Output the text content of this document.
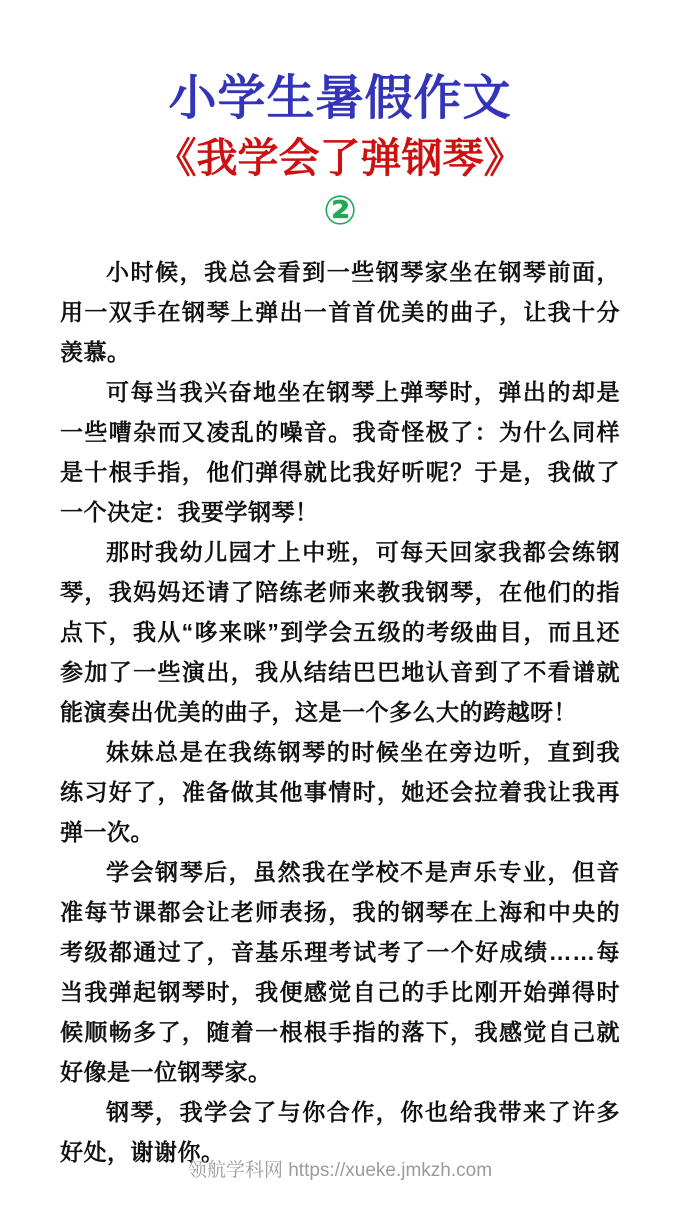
小学生暑假作文
《我学会了弹钢琴》
②

小时候，我总会看到一些钢琴家坐在钢琴前面，用一双手在钢琴上弹出一首首优美的曲子，让我十分羡慕。

可每当我兴奋地坐在钢琴上弹琴时，弹出的却是一些嘈杂而又凌乱的噪音。我奇怪极了：为什么同样是十根手指，他们弹得就比我好听呢？于是，我做了一个决定：我要学钢琴！

那时我幼儿园才上中班，可每天回家我都会练钢琴，我妈妈还请了陪练老师来教我钢琴，在他们的指点下，我从“哆来咪”到学会五级的考级曲目，而且还参加了一些演出，我从结结巴巴地认音到了不看谱就能演奏出优美的曲子，这是一个多么大的跨越呀！

妹妹总是在我练钢琴的时候坐在旁边听，直到我练习好了，准备做其他事情时，她还会拉着我让我再弹一次。

学会钢琴后，虽然我在学校不是声乐专业，但音准每节课都会让老师表扬，我的钢琴在上海和中央的考级都通过了，音基乐理考试考了一个好成绩……每当我弹起钢琴时，我便感觉自己的手比刚开始弹得时候顺畅多了，随着一根根手指的落下，我感觉自己就好像是一位钢琴家。

钢琴，我学会了与你合作，你也给我带来了许多好处，谢谢你。

领航学科网 https://xueke.jmkzh.com
